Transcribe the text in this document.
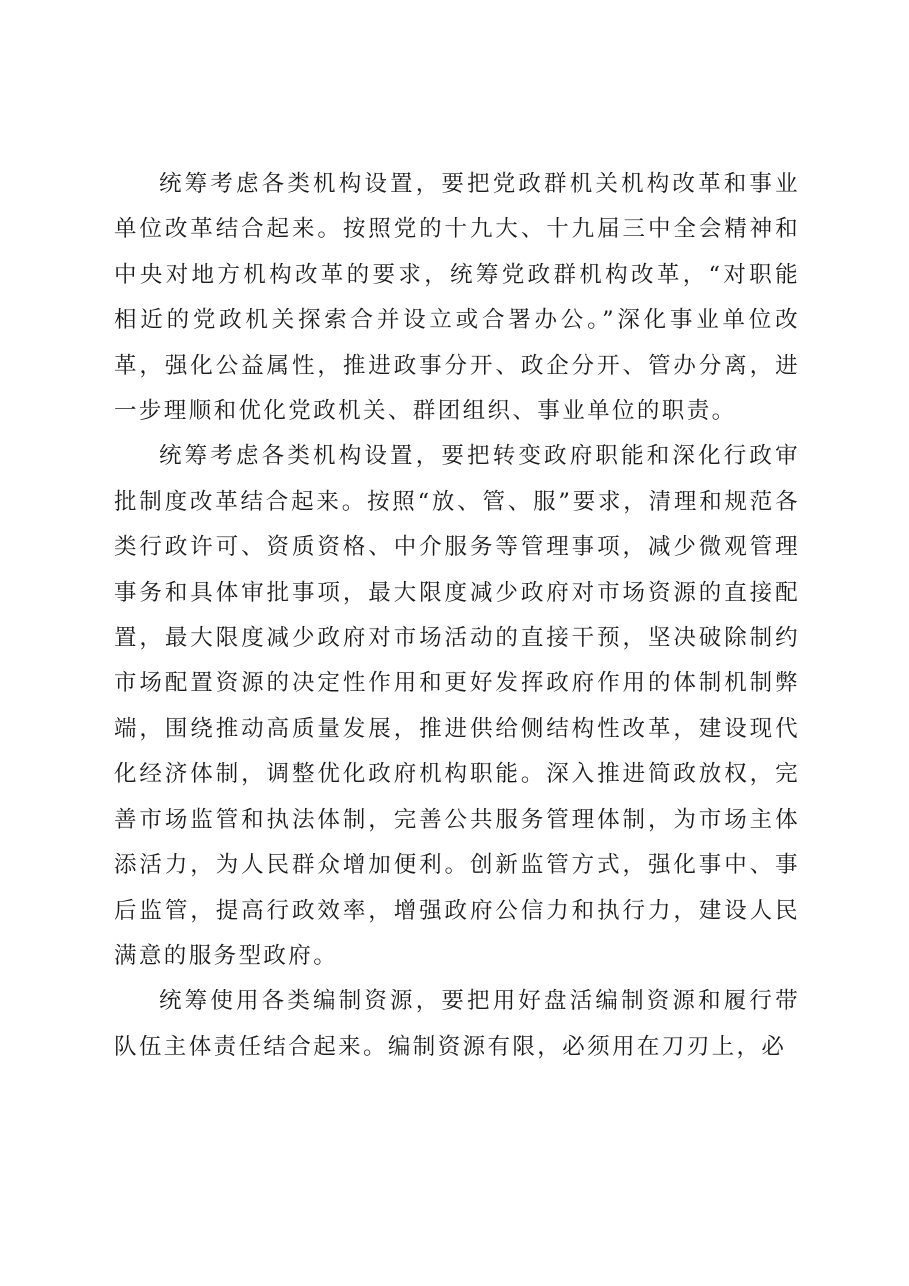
统筹考虑各类机构设置，要把党政群机关机构改革和事业单位改革结合起来。按照党的十九大、十九届三中全会精神和中央对地方机构改革的要求，统筹党政群机构改革，“对职能相近的党政机关探索合并设立或合署办公。”深化事业单位改革，强化公益属性，推进政事分开、政企分开、管办分离，进一步理顺和优化党政机关、群团组织、事业单位的职责。

统筹考虑各类机构设置，要把转变政府职能和深化行政审批制度改革结合起来。按照“放、管、服”要求，清理和规范各类行政许可、资质资格、中介服务等管理事项，减少微观管理事务和具体审批事项，最大限度减少政府对市场资源的直接配置，最大限度减少政府对市场活动的直接干预，坚决破除制约市场配置资源的决定性作用和更好发挥政府作用的体制机制弊端，围绕推动高质量发展，推进供给侧结构性改革，建设现代化经济体制，调整优化政府机构职能。深入推进简政放权，完善市场监管和执法体制，完善公共服务管理体制，为市场主体添活力，为人民群众增加便利。创新监管方式，强化事中、事后监管，提高行政效率，增强政府公信力和执行力，建设人民满意的服务型政府。

统筹使用各类编制资源，要把用好盘活编制资源和履行带队伍主体责任结合起来。编制资源有限，必须用在刀刃上，必
